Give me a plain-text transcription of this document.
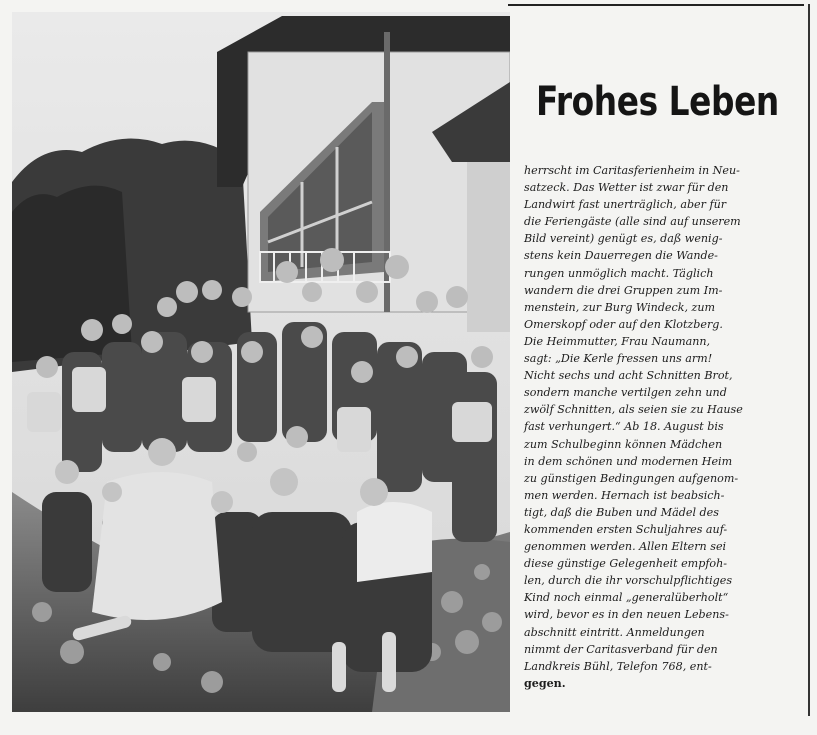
Frohes Leben
herrscht im Caritasferienheim in Neu-
satzeck. Das Wetter ist zwar für den
Landwirt fast unerträglich, aber für
die Feriengäste (alle sind auf unserem
Bild vereint) genügt es, daß wenig-
stens kein Dauerregen die Wande-
rungen unmöglich macht. Täglich
wandern die drei Gruppen zum Im-
menstein, zur Burg Windeck, zum
Omerskopf oder auf den Klotzberg.
Die Heimmutter, Frau Naumann,
sagt: „Die Kerle fressen uns arm!
Nicht sechs und acht Schnitten Brot,
sondern manche vertilgen zehn und
zwölf Schnitten, als seien sie zu Hause
fast verhungert.“ Ab 18. August bis
zum Schulbeginn können Mädchen
in dem schönen und modernen Heim
zu günstigen Bedingungen aufgenom-
men werden. Hernach ist beabsich-
tigt, daß die Buben und Mädel des
kommenden ersten Schuljahres auf-
genommen werden. Allen Eltern sei
diese günstige Gelegenheit empfoh-
len, durch die ihr vorschulpflichtiges
Kind noch einmal „generalüberholt“
wird, bevor es in den neuen Lebens-
abschnitt eintritt. Anmeldungen
nimmt der Caritasverband für den
Landkreis Bühl, Telefon 768, ent-
gegen.
